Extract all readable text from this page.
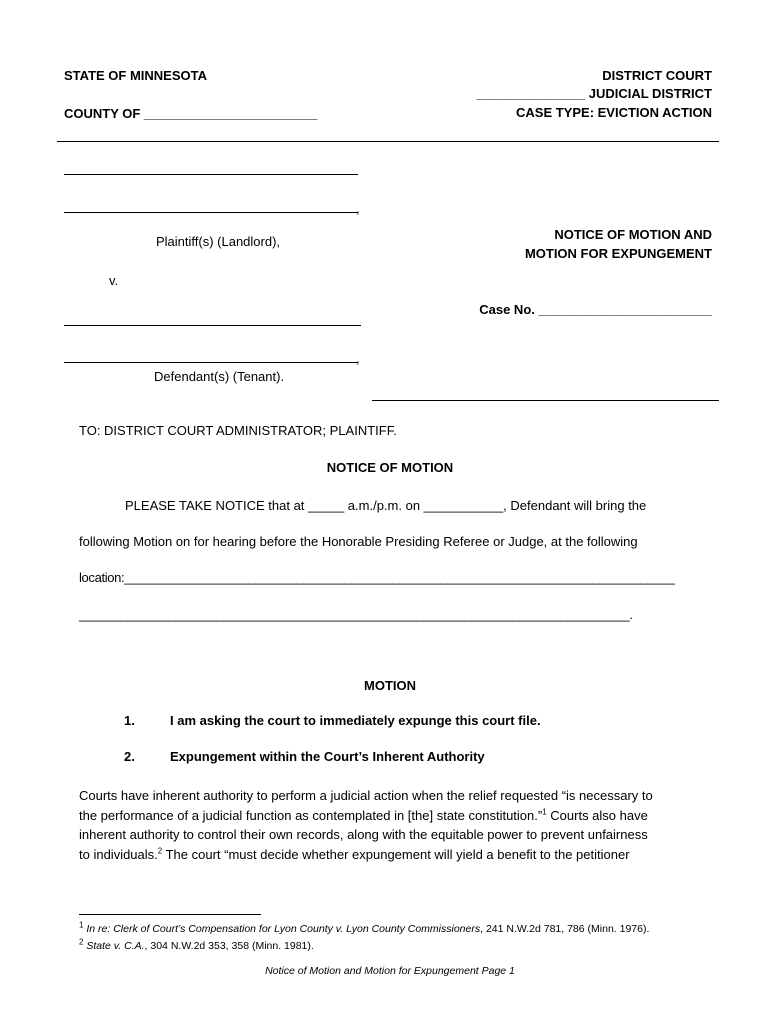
STATE OF MINNESOTA
COUNTY OF ________________________
DISTRICT COURT
_______________ JUDICIAL DISTRICT
CASE TYPE: EVICTION ACTION
,
Plaintiff(s) (Landlord),
v.
,
Defendant(s) (Tenant).
NOTICE OF MOTION AND
MOTION FOR EXPUNGEMENT
Case No. ________________________
TO: DISTRICT COURT ADMINISTRATOR; PLAINTIFF.
NOTICE OF MOTION
PLEASE TAKE NOTICE that at _____ a.m./p.m. on ___________, Defendant will bring the
following Motion on for hearing before the Honorable Presiding Referee or Judge, at the following
location:________________________________________________________________________________
________________________________________________________________________________.
MOTION
1.	I am asking the court to immediately expunge this court file.
2.	Expungement within the Court’s Inherent Authority
Courts have inherent authority to perform a judicial action when the relief requested “is necessary to
the performance of a judicial function as contemplated in [the] state constitution.”$^1$ Courts also have
inherent authority to control their own records, along with the equitable power to prevent unfairness
to individuals.$^2$ The court “must decide whether expungement will yield a benefit to the petitioner
$^1$ In re: Clerk of Court’s Compensation for Lyon County v. Lyon County Commissioners, 241 N.W.2d 781, 786 (Minn. 1976).
$^2$ State v. C.A., 304 N.W.2d 353, 358 (Minn. 1981).
Notice of Motion and Motion for Expungement Page 1
